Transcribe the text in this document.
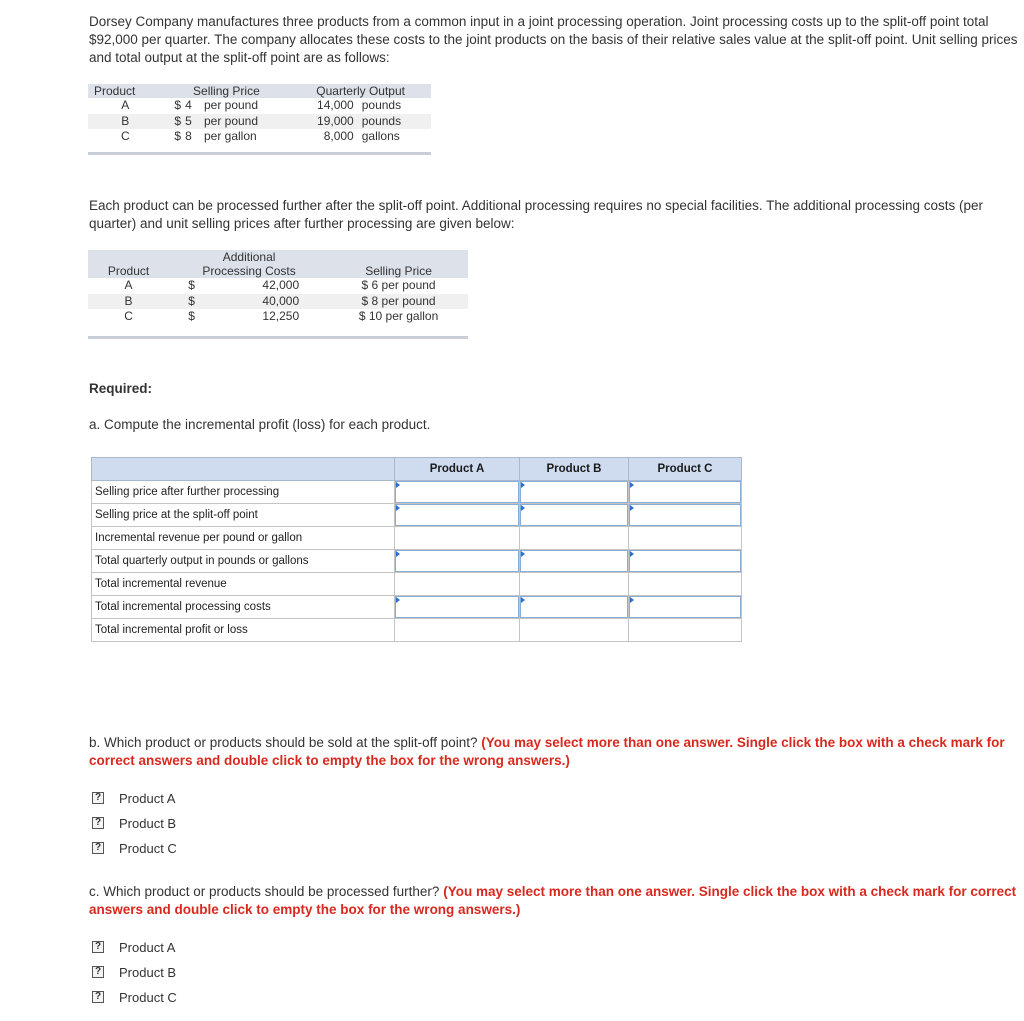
Dorsey Company manufactures three products from a common input in a joint processing operation. Joint processing costs up to the split-off point total $92,000 per quarter. The company allocates these costs to the joint products on the basis of their relative sales value at the split-off point. Unit selling prices and total output at the split-off point are as follows:

Product	Selling Price			Quarterly Output	
A	$	4	per pound	14,000	pounds
B	$	5	per pound	19,000	pounds
C	$	8	per gallon	8,000	gallons

Each product can be processed further after the split-off point. Additional processing requires no special facilities. The additional processing costs (per quarter) and unit selling prices after further processing are given below:

	Additional		
Product	Processing Costs		Selling Price
A	$	42,000	$ 6 per pound
B	$	40,000	$ 8 per pound
C	$	12,250	$ 10 per gallon

Required:

a. Compute the incremental profit (loss) for each product.

	Product A	Product B	Product C
Selling price after further processing	

Selling price at the split-off point	

Incremental revenue per pound or gallon			
Total quarterly output in pounds or gallons	

Total incremental revenue			
Total incremental processing costs	

Total incremental profit or loss			

b. Which product or products should be sold at the split-off point? (You may select more than one answer. Single click the box with a check mark for correct answers and double click to empty the box for the wrong answers.)

? Product A
? Product B
? Product C

c. Which product or products should be processed further? (You may select more than one answer. Single click the box with a check mark for correct answers and double click to empty the box for the wrong answers.)

? Product A
? Product B
? Product C
